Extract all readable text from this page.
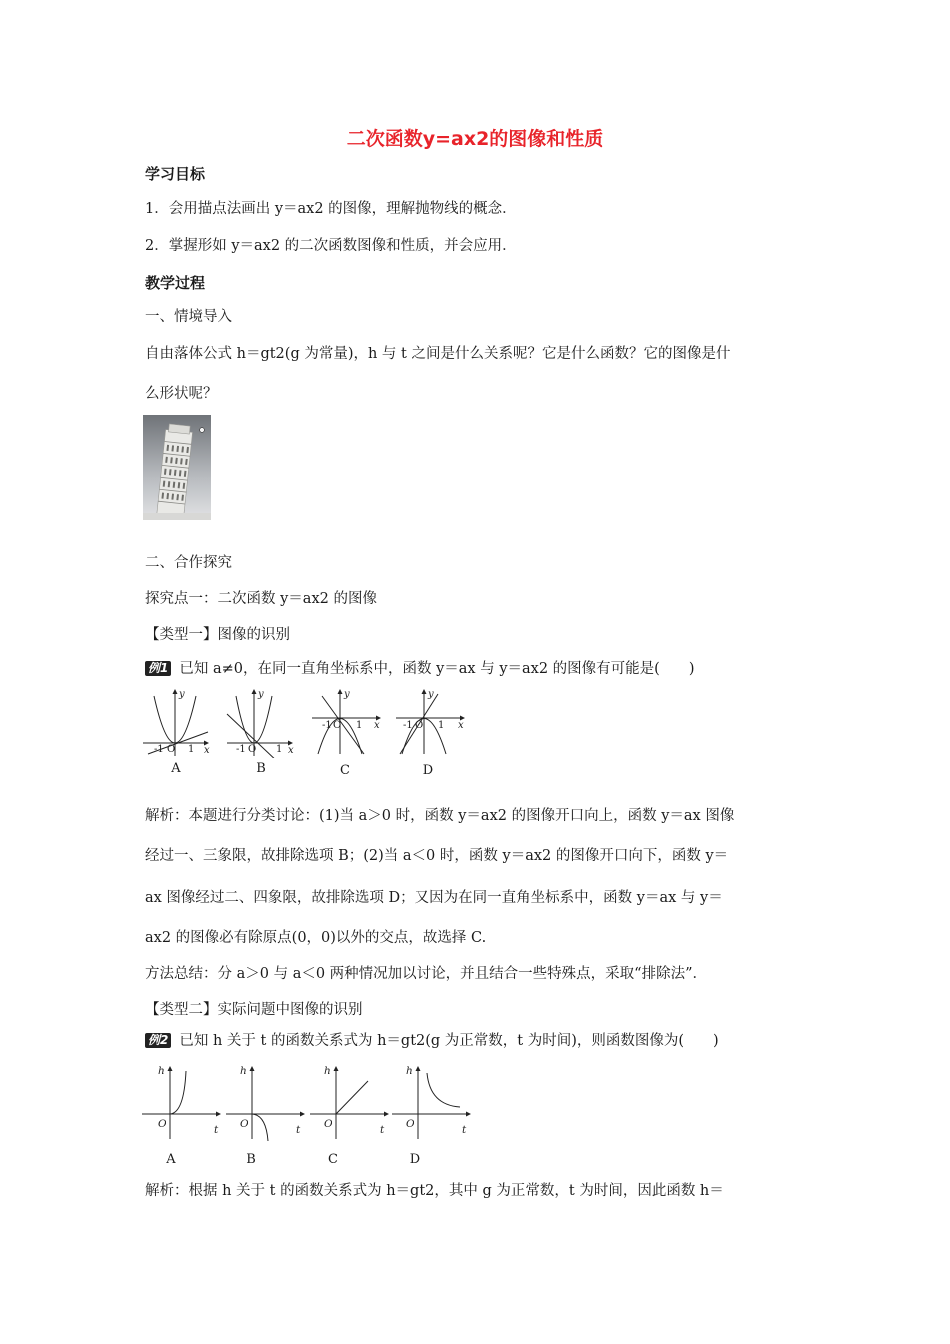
二次函数y=ax2的图像和性质
学习目标
1．会用描点法画出 y＝ax2 的图像，理解抛物线的概念．
2．掌握形如 y＝ax2 的二次函数图像和性质，并会应用．
教学过程
一、情境导入
自由落体公式 h＝gt2(g 为常量)，h 与 t 之间是什么关系呢？它是什么函数？它的图像是什
么形状呢？
二、合作探究
探究点一：二次函数 y＝ax2 的图像
【类型一】图像的识别
例1 已知 a≠0，在同一直角坐标系中，函数 y＝ax 与 y＝ax2 的图像有可能是(　　)
y
x
-1 O 1
y
x
-1 O 1
y
x
-1 O 1
y
x
-1 O 1
A	B	C	D
解析：本题进行分类讨论：(1)当 a＞0 时，函数 y＝ax2 的图像开口向上，函数 y＝ax 图像
经过一、三象限，故排除选项 B；(2)当 a＜0 时，函数 y＝ax2 的图像开口向下，函数 y＝
ax 图像经过二、四象限，故排除选项 D；又因为在同一直角坐标系中，函数 y＝ax 与 y＝
ax2 的图像必有除原点(0，0)以外的交点，故选择 C.
方法总结：分 a＞0 与 a＜0 两种情况加以讨论，并且结合一些特殊点，采取“排除法”．
【类型二】实际问题中图像的识别
例2 已知 h 关于 t 的函数关系式为 h＝gt2(g 为正常数，t 为时间)，则函数图像为(　　)
h
O	t
h
O	t
h
O	t
h
O	t
A	B	C	D
解析：根据 h 关于 t 的函数关系式为 h＝gt2，其中 g 为正常数，t 为时间，因此函数 h＝
